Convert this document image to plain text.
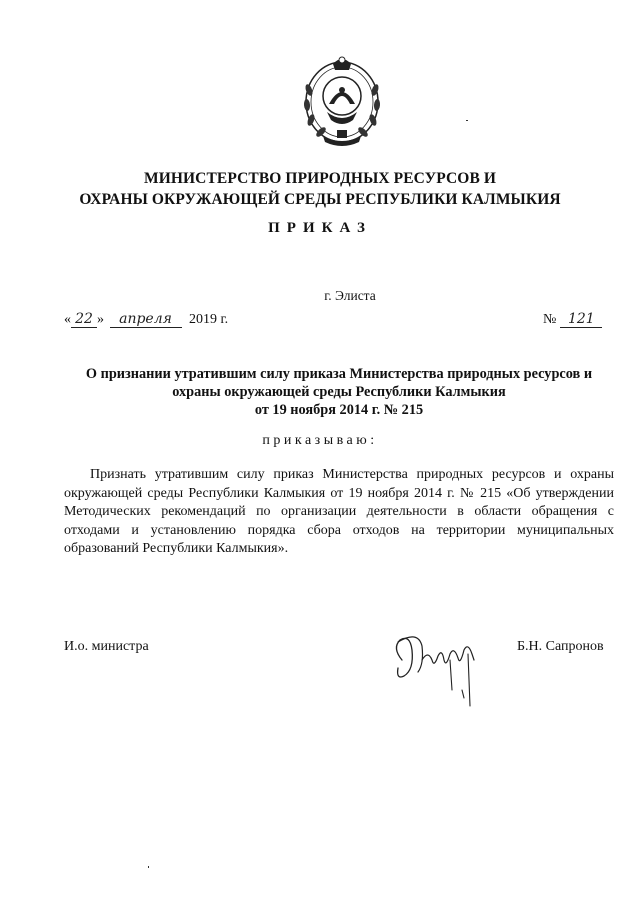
МИНИСТЕРСТВО ПРИРОДНЫХ РЕСУРСОВ И
ОХРАНЫ ОКРУЖАЮЩЕЙ СРЕДЫ РЕСПУБЛИКИ КАЛМЫКИЯ
ПРИКАЗ
г. Элиста
« 22 » апреля 2019 г.	№ 121
О признании утратившим силу приказа Министерства природных ресурсов и
охраны окружающей среды Республики Калмыкия
от 19 ноября 2014 г. № 215
приказываю:

Признать утратившим силу приказ Министерства природных ресурсов и охраны окружающей среды Республики Калмыкия от 19 ноября 2014 г. № 215 «Об утверждении Методических рекомендаций по организации деятельности в области обращения с отходами и установлению порядка сбора отходов на территории муниципальных образований Республики Калмыкия».

И.о. министра	Б.Н. Сапронов
